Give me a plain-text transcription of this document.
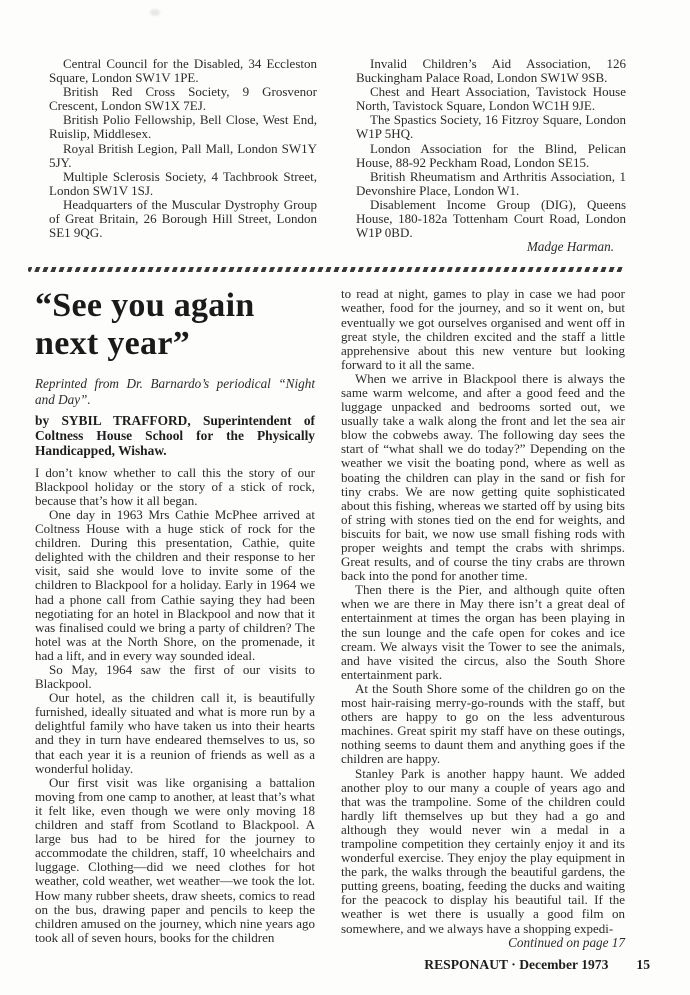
Central Council for the Disabled, 34 Eccleston Square, London SW1V 1PE.

British Red Cross Society, 9 Grosvenor Crescent, London SW1X 7EJ.

British Polio Fellowship, Bell Close, West End, Ruislip, Middlesex.

Royal British Legion, Pall Mall, London SW1Y 5JY.

Multiple Sclerosis Society, 4 Tachbrook Street, London SW1V 1SJ.

Headquarters of the Muscular Dystrophy Group of Great Britain, 26 Borough Hill Street, London SE1 9QG.

Invalid Children’s Aid Association, 126 Buckingham Palace Road, London SW1W 9SB.

Chest and Heart Association, Tavistock House North, Tavistock Square, London WC1H 9JE.

The Spastics Society, 16 Fitzroy Square, London W1P 5HQ.

London Association for the Blind, Pelican House, 88-92 Peckham Road, London SE15.

British Rheumatism and Arthritis Association, 1 Devonshire Place, London W1.

Disablement Income Group (DIG), Queens House, 180-182a Tottenham Court Road, London W1P 0BD.

Madge Harman.

“See you again
next year”

Reprinted from Dr. Barnardo’s periodical “Night and Day”.

by SYBIL TRAFFORD, Superintendent of Coltness House School for the Physically Handicapped, Wishaw.

I don’t know whether to call this the story of our Blackpool holiday or the story of a stick of rock, because that’s how it all began.

One day in 1963 Mrs Cathie McPhee arrived at Coltness House with a huge stick of rock for the children. During this presentation, Cathie, quite delighted with the children and their response to her visit, said she would love to invite some of the children to Blackpool for a holiday. Early in 1964 we had a phone call from Cathie saying they had been negotiating for an hotel in Blackpool and now that it was finalised could we bring a party of children? The hotel was at the North Shore, on the promenade, it had a lift, and in every way sounded ideal.

So May, 1964 saw the first of our visits to Blackpool.

Our hotel, as the children call it, is beautifully furnished, ideally situated and what is more run by a delightful family who have taken us into their hearts and they in turn have endeared themselves to us, so that each year it is a reunion of friends as well as a wonderful holiday.

Our first visit was like organising a battalion moving from one camp to another, at least that’s what it felt like, even though we were only moving 18 children and staff from Scotland to Blackpool. A large bus had to be hired for the journey to accommodate the children, staff, 10 wheelchairs and luggage. Clothing—did we need clothes for hot weather, cold weather, wet weather—we took the lot. How many rubber sheets, draw sheets, comics to read on the bus, drawing paper and pencils to keep the children amused on the journey, which nine years ago took all of seven hours, books for the children

to read at night, games to play in case we had poor weather, food for the journey, and so it went on, but eventually we got ourselves organised and went off in great style, the children excited and the staff a little apprehensive about this new venture but looking forward to it all the same.

When we arrive in Blackpool there is always the same warm welcome, and after a good feed and the luggage unpacked and bedrooms sorted out, we usually take a walk along the front and let the sea air blow the cobwebs away. The following day sees the start of “what shall we do today?” Depending on the weather we visit the boating pond, where as well as boating the children can play in the sand or fish for tiny crabs. We are now getting quite sophisticated about this fishing, whereas we started off by using bits of string with stones tied on the end for weights, and biscuits for bait, we now use small fishing rods with proper weights and tempt the crabs with shrimps. Great results, and of course the tiny crabs are thrown back into the pond for another time.

Then there is the Pier, and although quite often when we are there in May there isn’t a great deal of entertainment at times the organ has been playing in the sun lounge and the cafe open for cokes and ice cream. We always visit the Tower to see the animals, and have visited the circus, also the South Shore entertainment park.

At the South Shore some of the children go on the most hair-raising merry-go-rounds with the staff, but others are happy to go on the less adventurous machines. Great spirit my staff have on these outings, nothing seems to daunt them and anything goes if the children are happy.

Stanley Park is another happy haunt. We added another ploy to our many a couple of years ago and that was the trampoline. Some of the children could hardly lift themselves up but they had a go and although they would never win a medal in a trampoline competition they certainly enjoy it and its wonderful exercise. They enjoy the play equipment in the park, the walks through the beautiful gardens, the putting greens, boating, feeding the ducks and waiting for the peacock to display his beautiful tail. If the weather is wet there is usually a good film on somewhere, and we always have a shopping expedi-

Continued on page 17

RESPONAUT · December 1973 15
